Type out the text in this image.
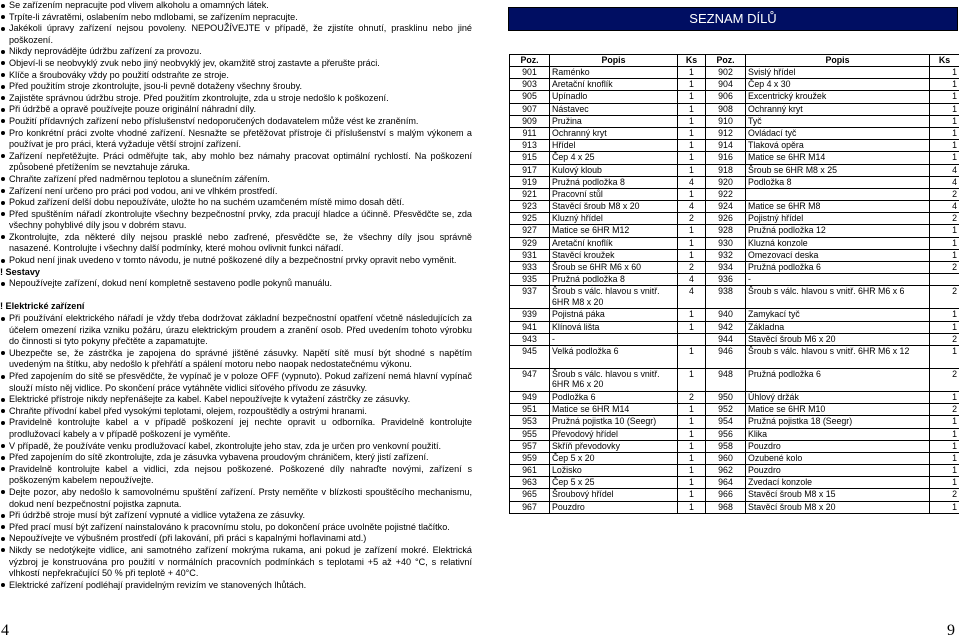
Se zařízením nepracujte pod vlivem alkoholu a omamných látek.
Trpíte-li závratěmi, oslabením nebo mdlobami, se zařízením nepracujte.
Jakékoli úpravy zařízení nejsou povoleny. NEPOUŽÍVEJTE v případě, že zjistíte ohnutí, prasklinu nebo jiné poškození.
Nikdy neprovádějte údržbu zařízení za provozu.
Objeví-li se neobvyklý zvuk nebo jiný neobvyklý jev, okamžitě stroj zastavte a přerušte práci.
Klíče a šroubováky vždy po použití odstraňte ze stroje.
Před použitím stroje zkontrolujte, jsou-li pevně dotaženy všechny šrouby.
Zajistěte správnou údržbu stroje. Před použitím zkontrolujte, zda u stroje nedošlo k poškození.
Při údržbě a opravě používejte pouze originální náhradní díly.
Použití přídavných zařízení nebo příslušenství nedoporučených dodavatelem může vést ke zraněním.
Pro konkrétní práci zvolte vhodné zařízení. Nesnažte se přetěžovat přístroje či příslušenství s malým výkonem a používat je pro práci, která vyžaduje větší strojní zařízení.
Zařízení nepřetěžujte. Práci odměřujte tak, aby mohlo bez námahy pracovat optimální rychlostí. Na poškození způsobené přetížením se nevztahuje záruka.
Chraňte zařízení před nadměrnou teplotou a slunečním zářením.
Zařízení není určeno pro práci pod vodou, ani ve vlhkém prostředí.
Pokud zařízení delší dobu nepoužíváte, uložte ho na suchém uzamčeném místě mimo dosah dětí.
Před spuštěním nářadí zkontrolujte všechny bezpečnostní prvky, zda pracují hladce a účinně. Přesvědčte se, zda všechny pohyblivé díly jsou v dobrém stavu.
Zkontrolujte, zda některé díly nejsou prasklé nebo zaďrené, přesvědčte se, že všechny díly jsou správně nasazené. Kontrolujte i všechny další podmínky, které mohou ovlivnit funkci nářadí.
Pokud není jinak uvedeno v tomto návodu, je nutné poškozené díly a bezpečnostní prvky opravit nebo vyměnit.
! Sestavy
Nepoužívejte zařízení, dokud není kompletně sestaveno podle pokynů manuálu.
! Elektrické zařízení
Při používání elektrického nářadí je vždy třeba dodržovat základní bezpečnostní opatření včetně následujících za účelem omezení rizika vzniku požáru, úrazu elektrickým proudem a zranění osob. Před uvedením tohoto výrobku do činnosti si tyto pokyny přečtěte a zapamatujte.
Ubezpečte se, že zástrčka je zapojena do správné jištěné zásuvky. Napětí sítě musí být shodné s napětím uvedeným na štítku, aby nedošlo k přehřátí a spálení motoru nebo naopak nedostatečnému výkonu.
Před zapojením do sítě se přesvědčte, že vypínač je v poloze OFF (vypnuto). Pokud zařízení nemá hlavní vypínač slouží místo něj vidlice. Po skončení práce vytáhněte vidlici síťového přívodu ze zásuvky.
Elektrické přístroje nikdy nepřenášejte za kabel. Kabel nepoužívejte k vytažení zástrčky ze zásuvky.
Chraňte přívodní kabel před vysokými teplotami, olejem, rozpouštědly a ostrými hranami.
Pravidelně kontrolujte kabel a v případě poškození jej nechte opravit u odborníka. Pravidelně kontrolujte prodlužovací kabely a v případě poškození je vyměňte.
V případě, že používáte venku prodlužovací kabel, zkontrolujte jeho stav, zda je určen pro venkovní použití.
Před zapojením do sítě zkontrolujte, zda je zásuvka vybavena proudovým chráničem, který jistí zařízení.
Pravidelně kontrolujte kabel a vidlici, zda nejsou poškozené. Poškozené díly nahraďte novými, zařízení s poškozeným kabelem nepoužívejte.
Dejte pozor, aby nedošlo k samovolnému spuštění zařízení. Prsty neměňte v blízkosti spouštěcího mechanismu, dokud není bezpečnostní pojistka zapnuta.
Při údržbě stroje musí být zařízení vypnuté a vidlice vytažena ze zásuvky.
Před prací musí být zařízení nainstalováno k pracovnímu stolu, po dokončení práce uvolněte pojistné tlačítko.
Nepoužívejte ve výbušném prostředí (při lakování, při práci s kapalnými hořlavinami atd.)
Nikdy se nedotýkejte vidlice, ani samotného zařízení mokrýma rukama, ani pokud je zařízení mokré. Elektrická výzbroj je konstruována pro použití v normálních pracovních podmínkách s teplotami +5 až +40 °C, s relativní vlhkostí nepřekračující 50 % při teplotě + 40°C.
Elektrické zařízení podléhají pravidelným revizím ve stanovených lhůtách.
SEZNAM DÍLŮ
Poz.	Popis	Ks	Poz.	Popis	Ks
901	Raménko	1	902	Svislý hřídel	1
903	Aretační knoflík	1	904	Čep 4 x 30	1
905	Upínadlo	1	906	Excentrický kroužek	1
907	Nástavec	1	908	Ochranný kryt	1
909	Pružina	1	910	Tyč	1
911	Ochranný kryt	1	912	Ovládací tyč	1
913	Hřídel	1	914	Tlaková opěra	1
915	Čep 4 x 25	1	916	Matice se 6HR M14	1
917	Kulový kloub	1	918	Šroub se 6HR M8 x 25	4
919	Pružná podložka 8	4	920	Podložka 8	4
921	Pracovní stůl	1	922		2
923	Stavěcí šroub M8 x 20	4	924	Matice se 6HR M8	4
925	Kluzný hřídel	2	926	Pojistný hřídel	2
927	Matice se 6HR M12	1	928	Pružná podložka 12	1
929	Aretační knoflík	1	930	Kluzná konzole	1
931	Stavěcí kroužek	1	932	Omezovací deska	1
933	Šroub se 6HR M6 x 60	2	934	Pružná podložka 6	2
935	Pružná podložka 8	4	936	-	
937	Šroub s válc. hlavou s vnitř. 6HR M8 x 20	4	938	Šroub s válc. hlavou s vnitř. 6HR M6 x 6	2
939	Pojistná páka	1	940	Zamykací tyč	1
941	Klínová lišta	1	942	Základna	1
943	-		944	Stavěcí šroub M6 x 20	2
945	Velká podložka 6	1	946	Šroub s válc. hlavou s vnitř. 6HR M6 x 12	1
947	Šroub s válc. hlavou s vnitř. 6HR M6 x 20	1	948	Pružná podložka 6	2
949	Podložka 6	2	950	Úhlový držák	1
951	Matice se 6HR M14	1	952	Matice se 6HR M10	2
953	Pružná pojistka 10 (Seegr)	1	954	Pružná pojistka 18 (Seegr)	1
955	Převodový hřídel	1	956	Klika	1
957	Skříň převodovky	1	958	Pouzdro	1
959	Čep 5 x 20	1	960	Ozubené kolo	1
961	Ložisko	1	962	Pouzdro	1
963	Čep 5 x 25	1	964	Zvedací konzole	1
965	Šroubový hřídel	1	966	Stavěcí šroub M8 x 15	2
967	Pouzdro	1	968	Stavěcí šroub M8 x 20	1
4	9
